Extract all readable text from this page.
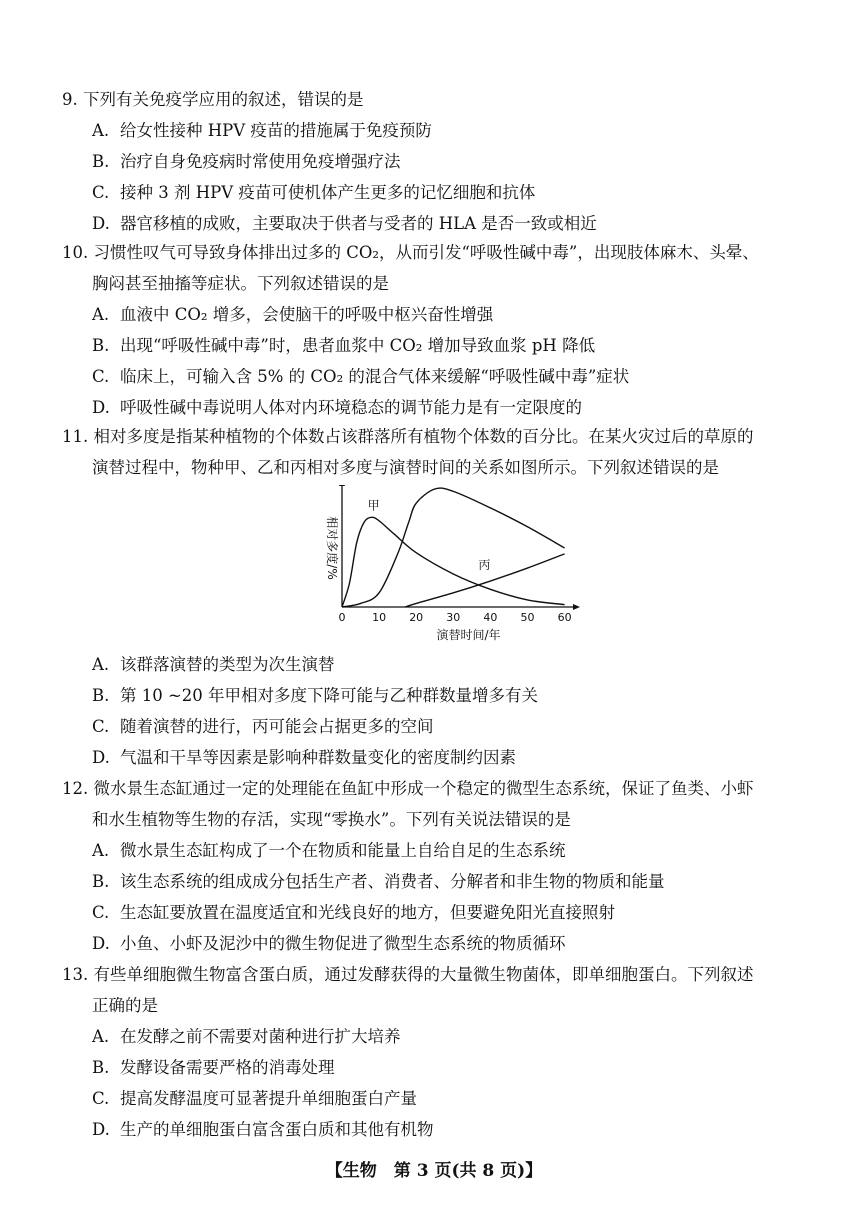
9. 下列有关免疫学应用的叙述，错误的是

A. 给女性接种 HPV 疫苗的措施属于免疫预防

B. 治疗自身免疫病时常使用免疫增强疗法

C. 接种 3 剂 HPV 疫苗可使机体产生更多的记忆细胞和抗体

D. 器官移植的成败，主要取决于供者与受者的 HLA 是否一致或相近

10. 习惯性叹气可导致身体排出过多的 CO₂，从而引发“呼吸性碱中毒”，出现肢体麻木、头晕、

胸闷甚至抽搐等症状。下列叙述错误的是

A. 血液中 CO₂ 增多，会使脑干的呼吸中枢兴奋性增强

B. 出现“呼吸性碱中毒”时，患者血浆中 CO₂ 增加导致血浆 pH 降低

C. 临床上，可输入含 5% 的 CO₂ 的混合气体来缓解“呼吸性碱中毒”症状

D. 呼吸性碱中毒说明人体对内环境稳态的调节能力是有一定限度的

11. 相对多度是指某种植物的个体数占该群落所有植物个体数的百分比。在某火灾过后的草原的

演替过程中，物种甲、乙和丙相对多度与演替时间的关系如图所示。下列叙述错误的是

0 10 20 30 40 50 60
演替时间/年
相对多度/%
甲
丙

A. 该群落演替的类型为次生演替

B. 第 10 ~20 年甲相对多度下降可能与乙种群数量增多有关

C. 随着演替的进行，丙可能会占据更多的空间

D. 气温和干旱等因素是影响种群数量变化的密度制约因素

12. 微水景生态缸通过一定的处理能在鱼缸中形成一个稳定的微型生态系统，保证了鱼类、小虾

和水生植物等生物的存活，实现“零换水”。下列有关说法错误的是

A. 微水景生态缸构成了一个在物质和能量上自给自足的生态系统

B. 该生态系统的组成成分包括生产者、消费者、分解者和非生物的物质和能量

C. 生态缸要放置在温度适宜和光线良好的地方，但要避免阳光直接照射

D. 小鱼、小虾及泥沙中的微生物促进了微型生态系统的物质循环

13. 有些单细胞微生物富含蛋白质，通过发酵获得的大量微生物菌体，即单细胞蛋白。下列叙述

正确的是

A. 在发酵之前不需要对菌种进行扩大培养

B. 发酵设备需要严格的消毒处理

C. 提高发酵温度可显著提升单细胞蛋白产量

D. 生产的单细胞蛋白富含蛋白质和其他有机物

【生物　第 3 页(共 8 页)】
